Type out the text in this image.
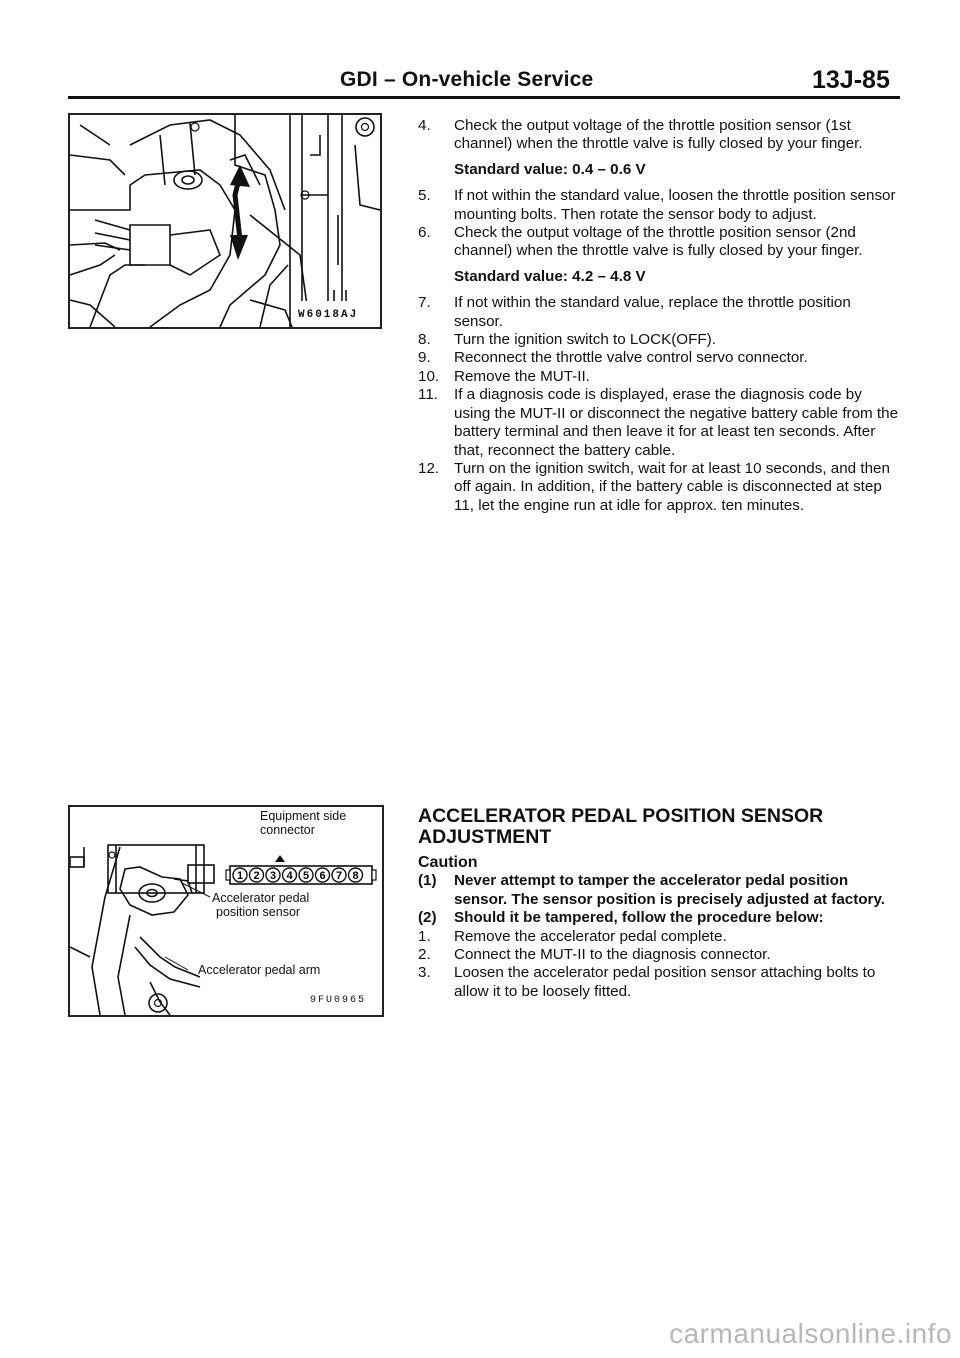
GDI – On-vehicle Service	13J-85
W6018AJ
1 2 3 4 5 6 7 8
Equipment side
connector
Accelerator pedal
position sensor
Accelerator pedal arm
9FU0965

4.	Check the output voltage of the throttle position sensor (1st channel) when the throttle valve is fully closed by your finger.

Standard value: 0.4 – 0.6 V

5.	If not within the standard value, loosen the throttle position sensor mounting bolts. Then rotate the sensor body to adjust.

6.	Check the output voltage of the throttle position sensor (2nd channel) when the throttle valve is fully closed by your finger.

Standard value: 4.2 – 4.8 V

7.	If not within the standard value, replace the throttle position sensor.

8.	Turn the ignition switch to LOCK(OFF).

9.	Reconnect the throttle valve control servo connector.

10. Remove the MUT-II.

11.	If a diagnosis code is displayed, erase the diagnosis code by using the MUT-II or disconnect the negative battery cable from the battery terminal and then leave it for at least ten seconds. After that, reconnect the battery cable.

12. Turn on the ignition switch, wait for at least 10 seconds, and then off again. In addition, if the battery cable is disconnected at step 11, let the engine run at idle for approx. ten minutes.

ACCELERATOR PEDAL POSITION SENSOR

ADJUSTMENT

Caution

(1)	Never attempt to tamper the accelerator pedal position sensor. The sensor position is precisely adjusted at factory.

(2)	Should it be tampered, follow the procedure below:

1.	Remove the accelerator pedal complete.

2.	Connect the MUT-II to the diagnosis connector.

3.	Loosen the accelerator pedal position sensor attaching bolts to allow it to be loosely fitted.

carmanualsonline.info
